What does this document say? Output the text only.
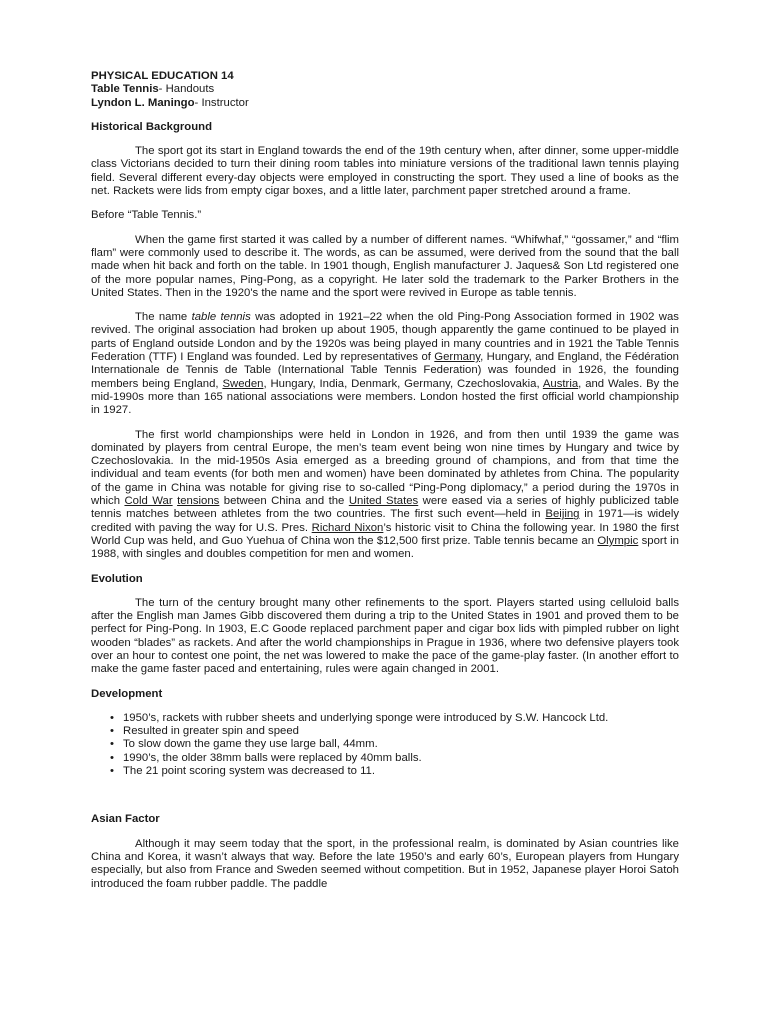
PHYSICAL EDUCATION 14
Table Tennis- Handouts
Lyndon L. Maningo- Instructor
Historical Background

The sport got its start in England towards the end of the 19th century when, after dinner, some upper-middle class Victorians decided to turn their dining room tables into miniature versions of the traditional lawn tennis playing field. Several different every-day objects were employed in constructing the sport. They used a line of books as the net. Rackets were lids from empty cigar boxes, and a little later, parchment paper stretched around a frame.

Before “Table Tennis.”

When the game first started it was called by a number of different names. “Whifwhaf,” “gossamer,” and “flim flam” were commonly used to describe it. The words, as can be assumed, were derived from the sound that the ball made when hit back and forth on the table. In 1901 though, English manufacturer J. Jaques& Son Ltd registered one of the more popular names, Ping-Pong, as a copyright. He later sold the trademark to the Parker Brothers in the United States. Then in the 1920's the name and the sport were revived in Europe as table tennis.

The name table tennis was adopted in 1921–22 when the old Ping-Pong Association formed in 1902 was revived. The original association had broken up about 1905, though apparently the game continued to be played in parts of England outside London and by the 1920s was being played in many countries and in 1921 the Table Tennis Federation (TTF) I England was founded. Led by representatives of Germany, Hungary, and England, the Fédération Internationale de Tennis de Table (International Table Tennis Federation) was founded in 1926, the founding members being England, Sweden, Hungary, India, Denmark, Germany, Czechoslovakia, Austria, and Wales. By the mid-1990s more than 165 national associations were members. London hosted the first official world championship in 1927.

The first world championships were held in London in 1926, and from then until 1939 the game was dominated by players from central Europe, the men’s team event being won nine times by Hungary and twice by Czechoslovakia. In the mid-1950s Asia emerged as a breeding ground of champions, and from that time the individual and team events (for both men and women) have been dominated by athletes from China. The popularity of the game in China was notable for giving rise to so-called “Ping-Pong diplomacy,” a period during the 1970s in which Cold War tensions between China and the United States were eased via a series of highly publicized table tennis matches between athletes from the two countries. The first such event—held in Beijing in 1971—is widely credited with paving the way for U.S. Pres. Richard Nixon’s historic visit to China the following year. In 1980 the first World Cup was held, and Guo Yuehua of China won the $12,500 first prize. Table tennis became an Olympic sport in 1988, with singles and doubles competition for men and women.

Evolution

The turn of the century brought many other refinements to the sport. Players started using celluloid balls after the English man James Gibb discovered them during a trip to the United States in 1901 and proved them to be perfect for Ping-Pong. In 1903, E.C Goode replaced parchment paper and cigar box lids with pimpled rubber on light wooden “blades” as rackets. And after the world championships in Prague in 1936, where two defensive players took over an hour to contest one point, the net was lowered to make the pace of the game-play faster. (In another effort to make the game faster paced and entertaining, rules were again changed in 2001.

Development
• 1950’s, rackets with rubber sheets and underlying sponge were introduced by S.W. Hancock Ltd.
• Resulted in greater spin and speed
• To slow down the game they use large ball, 44mm.
• 1990’s, the older 38mm balls were replaced by 40mm balls.
• The 21 point scoring system was decreased to 11.
Asian Factor

Although it may seem today that the sport, in the professional realm, is dominated by Asian countries like China and Korea, it wasn’t always that way. Before the late 1950’s and early 60’s, European players from Hungary especially, but also from France and Sweden seemed without competition. But in 1952, Japanese player Horoi Satoh introduced the foam rubber paddle. The paddle
